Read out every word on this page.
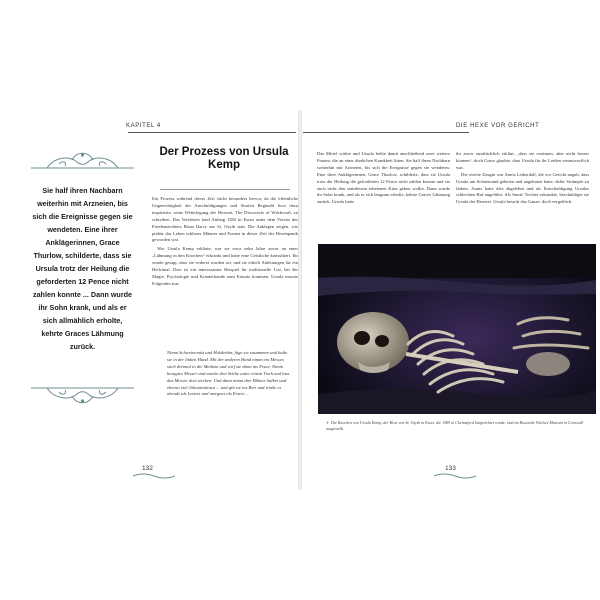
KAPITEL 4	DIE HEXE VOR GERICHT
Sie half ihren Nachbarn weiterhin mit Arzneien, bis sich die Ereignisse gegen sie wendeten. Eine ihrer Anklägerinnen, Grace Thurlow, schilderte, dass sie Ursula trotz der Heilung die geforderten 12 Pence nicht zahlen konnte ... Dann wurde ihr Sohn krank, und als er sich allmählich erholte, kehrte Graces Lähmung zurück.
Der Prozess von Ursula Kemp

Ein Prozess während dieser Zeit sticht besonders hervor, da die öffentliche Ungerechtigkeit der Anschuldigungen und Strafen Reginald Scot dazu inspirierte, seine Widerlegung der Hexerei, The Discoverie of Witchcraft, zu schreiben. Das Verfahren fand Anfang 1582 in Essex unter dem Vorsitz des Friedensrichters Brian Darcy aus St. Osyth statt. Die Anklagen zeigen, wie prekär das Leben schlauer Männer und Frauen in dieser Zeit der Hexenpanik geworden war.

Wie Ursula Kemp erklärte, war sie etwa zehn Jahre zuvor an einer „Lähmung in den Knochen“ erkrankt und hatte eine Geistliche konsultiert. Ihr wurde gesagt, dass sie verhext worden sei, und sie erhielt Anleitungen für ein Heilritual. Dies ist ein interessantes Beispiel für traditionelle List, bei der Magie, Psychologie und Kräuterkunde zum Einsatz kommen. Ursula musste Folgendes tun:

Nimm Schweinemist und Holderbär, füge sie zusammen und halte sie in der linken Hand. Mit der anderen Hand nimm ein Messer, stich dreimal in die Medizin und wirf sie dann ins Feuer. Nimm besagtes Messer und mache drei Stiche unter einem Tisch und lass das Messer dort stecken. Und dann nimm drei Blätter Salbei und ebenso viel Johanniskraut ... und gib sie ins Bier und trinke es abends als Letztes und morgens als Erstes ...

Das Mittel wirkte und Ursula heilte damit anschließend zwei weitere Frauen, die an einer ähnlichen Krankheit litten. Sie half ihren Nachbarn weiterhin mit Arzneien, bis sich die Ereignisse gegen sie wendeten. Eine ihrer Anklägerinnen, Grace Thurlow, schilderte, dass sie Ursula trotz der Heilung die geforderten 12 Pence nicht zahlen konnte und sie auch nicht den stattdessen erbetenen Käse geben wollte. Dann wurde ihr Sohn krank, und als er sich langsam erholte, kehrte Graces Lähmung zurück. Ursula hatte

ihr zuvor ausdrücklich erklärt, „dass sie erzürnen, aber nicht besser können“, doch Grace glaubte, dass Ursula für ihr Leiden verantwortlich war.

Die zweite Zeugin war Annis Letherdall, die vor Gericht angab, dass Ursula um Schneesand gebeten und angeboten hatte, dafür Strümpfe zu färben. Annis hatte dies abgelehnt und als Entschuldigung Ursulas schlechten Ruf angeführt. Als Annis' Tochter erkrankte, beschuldigte sie Ursula der Hexerei. Ursula bestritt das Ganze, doch vergeblich.

☥ Die Knochen von Ursula Kemp, der Hexe von St. Osyth in Essex, die 1589 in Chelmsford hingerichtet wurde, sind im Boscastle Witches Museum in Cornwall ausgestellt.
132	133
